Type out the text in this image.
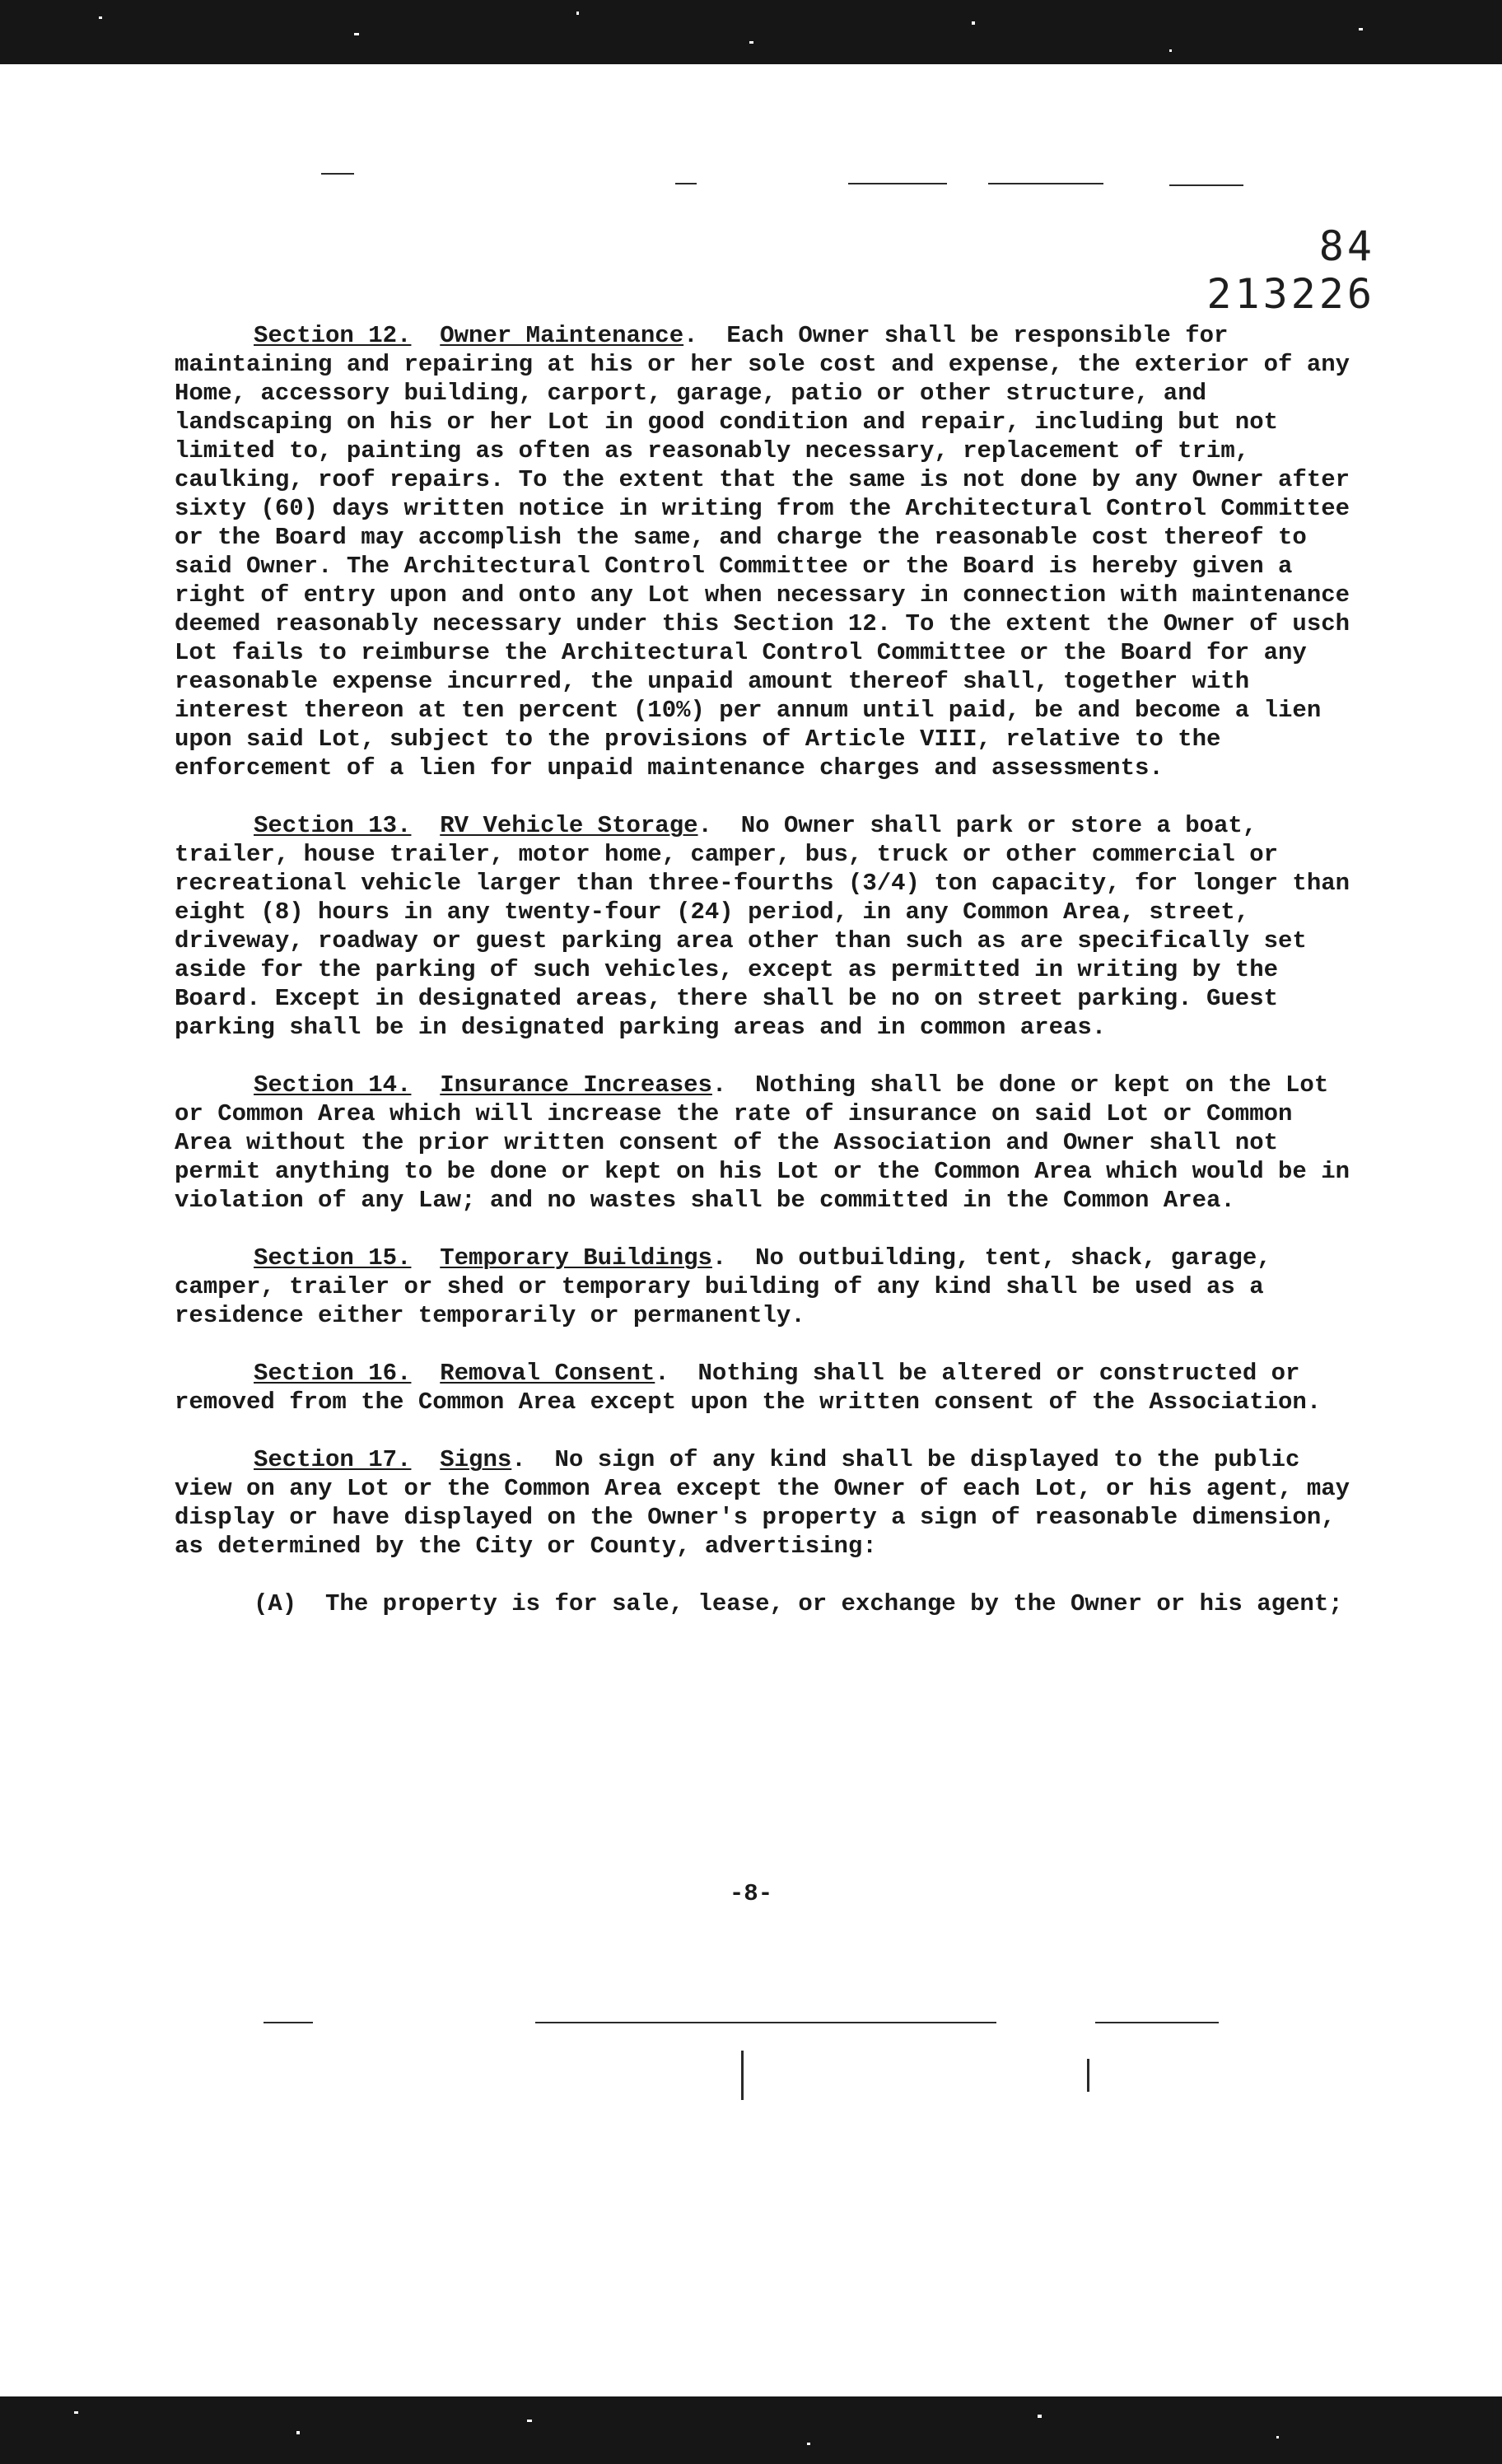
84 213226

Section 12. Owner Maintenance.  Each Owner shall be responsible for maintaining and repairing at his or her sole cost and expense, the exterior of any Home, accessory building, carport, garage, patio or other structure, and landscaping on his or her Lot in good condition and repair, including but not limited to, painting as often as reasonably necessary, replacement of trim, caulking, roof repairs. To the extent that the same is not done by any Owner after sixty (60) days written notice in writing from the Architectural Control Committee or the Board may accomplish the same, and charge the reasonable cost thereof to said Owner. The Architectural Control Committee or the Board is hereby given a right of entry upon and onto any Lot when necessary in connection with maintenance deemed reasonably necessary under this Section 12. To the extent the Owner of usch Lot fails to reimburse the Architectural Control Committee or the Board for any reasonable expense incurred, the unpaid amount thereof shall, together with interest thereon at ten percent (10%) per annum until paid, be and become a lien upon said Lot, subject to the provisions of Article VIII, relative to the enforcement of a lien for unpaid maintenance charges and assessments.

Section 13. RV Vehicle Storage.  No Owner shall park or store a boat, trailer, house trailer, motor home, camper, bus, truck or other commercial or recreational vehicle larger than three-fourths (3/4) ton capacity, for longer than eight (8) hours in any twenty-four (24) period, in any Common Area, street, driveway, roadway or guest parking area other than such as are specifically set aside for the parking of such vehicles, except as permitted in writing by the Board. Except in designated areas, there shall be no on street parking. Guest parking shall be in designated parking areas and in common areas.

Section 14. Insurance Increases.  Nothing shall be done or kept on the Lot or Common Area which will increase the rate of insurance on said Lot or Common Area without the prior written consent of the Association and Owner shall not permit anything to be done or kept on his Lot or the Common Area which would be in violation of any Law; and no wastes shall be committed in the Common Area.

Section 15. Temporary Buildings.  No outbuilding, tent, shack, garage, camper, trailer or shed or temporary building of any kind shall be used as a residence either temporarily or permanently.

Section 16. Removal Consent.  Nothing shall be altered or constructed or removed from the Common Area except upon the written consent of the Association.

Section 17. Signs.  No sign of any kind shall be displayed to the public view on any Lot or the Common Area except the Owner of each Lot, or his agent, may display or have displayed on the Owner's property a sign of reasonable dimension, as determined by the City or County, advertising:

(A) The property is for sale, lease, or exchange by the Owner or his agent;

-8-
